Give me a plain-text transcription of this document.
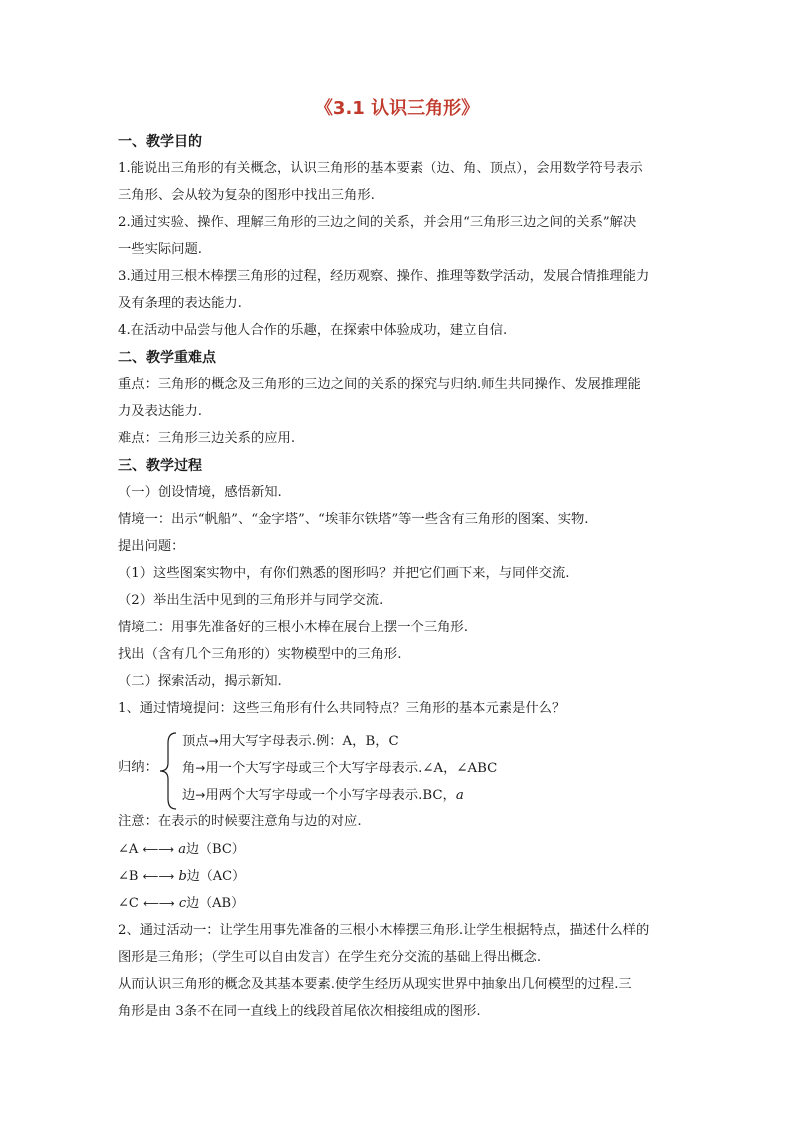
《3.1 认识三角形》
一、教学目的
1.能说出三角形的有关概念，认识三角形的基本要素（边、角、顶点），会用数学符号表示
三角形、会从较为复杂的图形中找出三角形.
2.通过实验、操作、理解三角形的三边之间的关系，并会用“三角形三边之间的关系”解决
一些实际问题.
3.通过用三根木棒摆三角形的过程，经历观察、操作、推理等数学活动，发展合情推理能力
及有条理的表达能力.
4.在活动中品尝与他人合作的乐趣，在探索中体验成功，建立自信.
二、教学重难点
重点：三角形的概念及三角形的三边之间的关系的探究与归纳.师生共同操作、发展推理能
力及表达能力.
难点：三角形三边关系的应用.
三、教学过程
（一）创设情境，感悟新知.
情境一：出示“帆船”、“金字塔”、“埃菲尔铁塔”等一些含有三角形的图案、实物.
提出问题：
（1）这些图案实物中，有你们熟悉的图形吗？并把它们画下来，与同伴交流.
（2）举出生活中见到的三角形并与同学交流.
情境二：用事先准备好的三根小木棒在展台上摆一个三角形.
找出（含有几个三角形的）实物模型中的三角形.
（二）探索活动，揭示新知.
1、通过情境提问：这些三角形有什么共同特点？三角形的基本元素是什么？
归纳：
顶点→用大写字母表示.例：A，B，C
角→用一个大写字母或三个大写字母表示.∠A，∠ABC
边→用两个大写字母或一个小写字母表示.BC，a
注意：在表示的时候要注意角与边的对应.
∠A ⟵⟶ a边（BC）
∠B ⟵⟶ b边（AC）
∠C ⟵⟶ c边（AB）
2、通过活动一：让学生用事先准备的三根小木棒摆三角形.让学生根据特点，描述什么样的
图形是三角形；（学生可以自由发言）在学生充分交流的基础上得出概念.
从而认识三角形的概念及其基本要素.使学生经历从现实世界中抽象出几何模型的过程.三
角形是由 3条不在同一直线上的线段首尾依次相接组成的图形.
